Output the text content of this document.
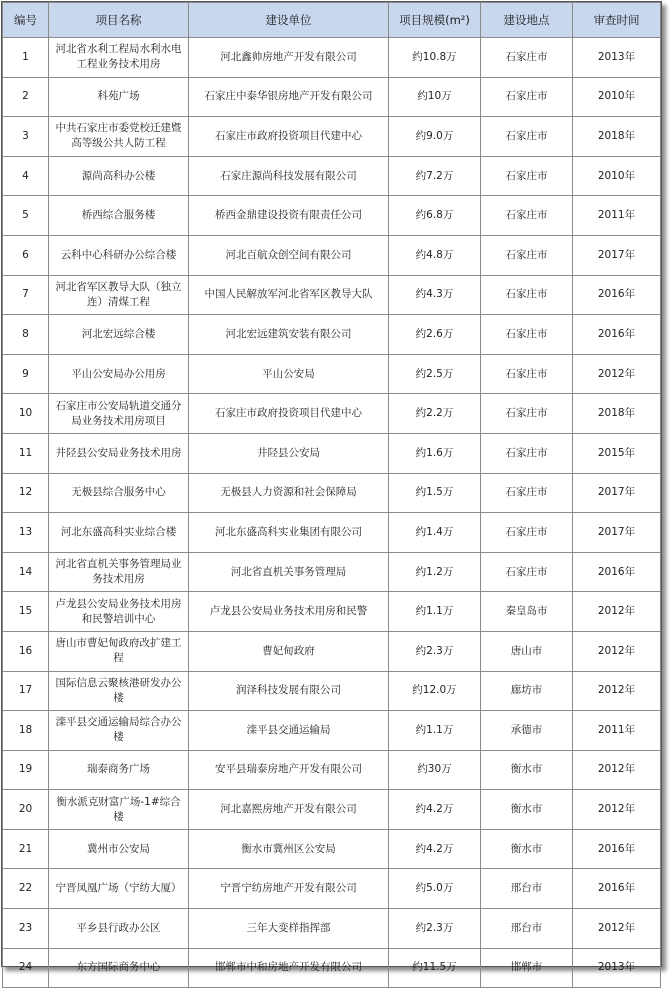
编号	项目名称	建设单位	项目规模(m²)	建设地点	审查时间
1	河北省水利工程局水利水电工程业务技术用房	河北鑫帅房地产开发有限公司	约10.8万	石家庄市	2013年
2	科苑广场	石家庄中泰华银房地产开发有限公司	约10万	石家庄市	2010年
3	中共石家庄市委党校迁建暨高等级公共人防工程	石家庄市政府投资项目代建中心	约9.0万	石家庄市	2018年
4	源尚高科办公楼	石家庄源尚科技发展有限公司	约7.2万	石家庄市	2010年
5	桥西综合服务楼	桥西金鼎建设投资有限责任公司	约6.8万	石家庄市	2011年
6	云科中心科研办公综合楼	河北百航众创空间有限公司	约4.8万	石家庄市	2017年
7	河北省军区教导大队（独立连）清煤工程	中国人民解放军河北省军区教导大队	约4.3万	石家庄市	2016年
8	河北宏远综合楼	河北宏远建筑安装有限公司	约2.6万	石家庄市	2016年
9	平山公安局办公用房	平山公安局	约2.5万	石家庄市	2012年
10	石家庄市公安局轨道交通分局业务技术用房项目	石家庄市政府投资项目代建中心	约2.2万	石家庄市	2018年
11	井陉县公安局业务技术用房	井陉县公安局	约1.6万	石家庄市	2015年
12	无极县综合服务中心	无极县人力资源和社会保障局	约1.5万	石家庄市	2017年
13	河北东盛高科实业综合楼	河北东盛高科实业集团有限公司	约1.4万	石家庄市	2017年
14	河北省直机关事务管理局业务技术用房	河北省直机关事务管理局	约1.2万	石家庄市	2016年
15	卢龙县公安局业务技术用房和民警培训中心	卢龙县公安局业务技术用房和民警	约1.1万	秦皇岛市	2012年
16	唐山市曹妃甸政府改扩建工程	曹妃甸政府	约2.3万	唐山市	2012年
17	国际信息云聚核港研发办公楼	润泽科技发展有限公司	约12.0万	廊坊市	2012年
18	滦平县交通运输局综合办公楼	滦平县交通运输局	约1.1万	承德市	2011年
19	瑞泰商务广场	安平县瑞泰房地产开发有限公司	约30万	衡水市	2012年
20	衡水派克财富广场-1#综合楼	河北嘉熙房地产开发有限公司	约4.2万	衡水市	2012年
21	冀州市公安局	衡水市冀州区公安局	约4.2万	衡水市	2016年
22	宁晋凤凰广场（宁纺大厦）	宁晋宁纺房地产开发有限公司	约5.0万	邢台市	2016年
23	平乡县行政办公区	三年大变样指挥部	约2.3万	邢台市	2012年
24	东方国际商务中心	邯郸市中和房地产开发有限公司	约11.5万	邯郸市	2013年
